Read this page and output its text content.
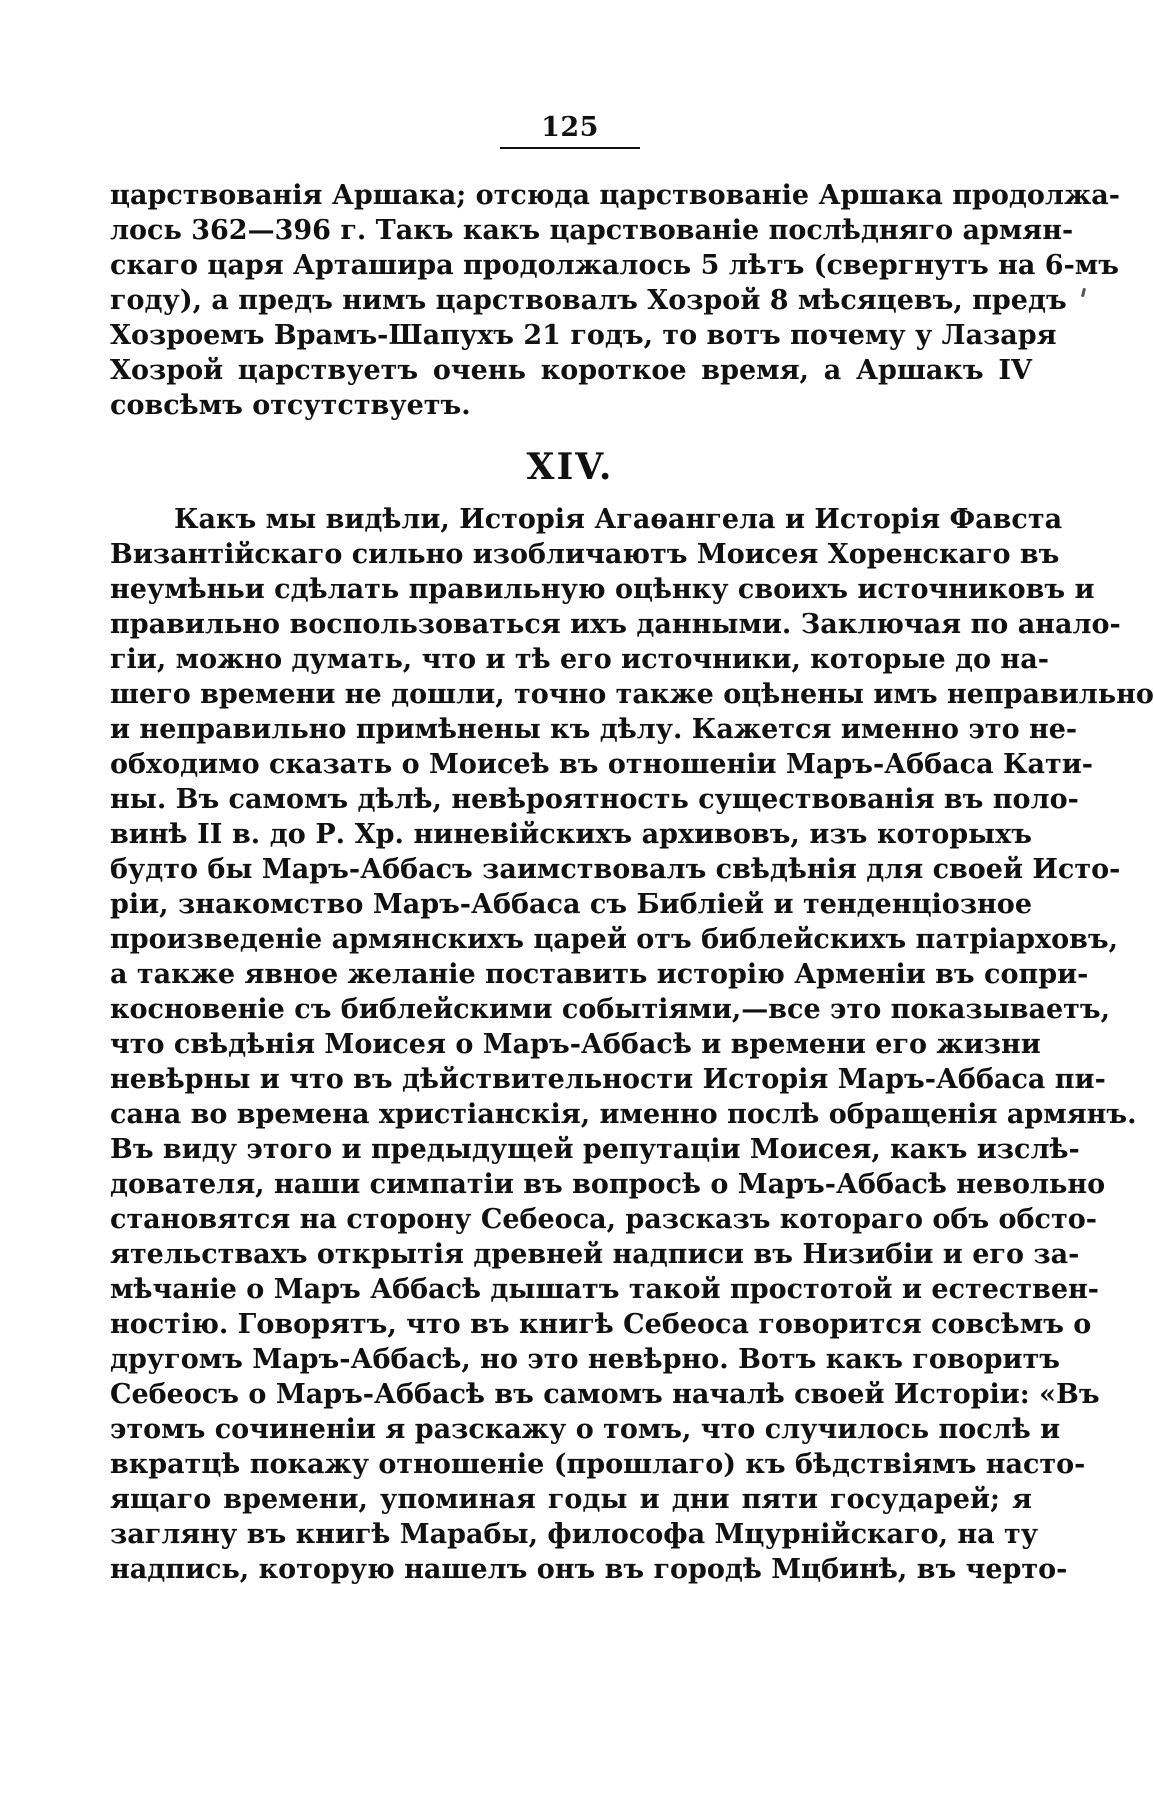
125
царствованія Аршака; отсюда царствованіе Аршака продолжа-
лось 362—396 г. Такъ какъ царствованіе послѣдняго армян-
скаго царя Арташира продолжалось 5 лѣтъ (свергнутъ на 6-мъ
году), а предъ нимъ царствовалъ Хозрой 8 мѣсяцевъ, предъ
Хозроемъ Врамъ-Шапухъ 21 годъ, то вотъ почему у Лазаря
Хозрой царствуетъ очень короткое время, а Аршакъ IV
совсѣмъ отсутствуетъ.
XIV.
Какъ мы видѣли, Исторія Агаѳангела и Исторія Фавста
Византійскаго сильно изобличаютъ Моисея Хоренскаго въ
неумѣньи сдѣлать правильную оцѣнку своихъ источниковъ и
правильно воспользоваться ихъ данными. Заключая по анало-
гіи, можно думать, что и тѣ его источники, которые до на-
шего времени не дошли, точно также оцѣнены имъ неправильно
и неправильно примѣнены къ дѣлу. Кажется именно это не-
обходимо сказать о Моисеѣ въ отношеніи Маръ-Аббаса Кати-
ны. Въ самомъ дѣлѣ, невѣроятность существованія въ поло-
винѣ II в. до Р. Хр. ниневійскихъ архивовъ, изъ которыхъ
будто бы Маръ-Аббасъ заимствовалъ свѣдѣнія для своей Исто-
ріи, знакомство Маръ-Аббаса съ Библіей и тенденціозное
произведеніе армянскихъ царей отъ библейскихъ патріарховъ,
а также явное желаніе поставить исторію Арменіи въ сопри-
косновеніе съ библейскими событіями,—все это показываетъ,
что свѣдѣнія Моисея о Маръ-Аббасѣ и времени его жизни
невѣрны и что въ дѣйствительности Исторія Маръ-Аббаса пи-
сана во времена христіанскія, именно послѣ обращенія армянъ.
Въ виду этого и предыдущей репутаціи Моисея, какъ изслѣ-
дователя, наши симпатіи въ вопросѣ о Маръ-Аббасѣ невольно
становятся на сторону Себеоса, разсказъ котораго объ обсто-
ятельствахъ открытія древней надписи въ Низибіи и его за-
мѣчаніе о Маръ Аббасѣ дышатъ такой простотой и естествен-
ностію. Говорятъ, что въ книгѣ Себеоса говорится совсѣмъ о
другомъ Маръ-Аббасѣ, но это невѣрно. Вотъ какъ говоритъ
Себеосъ о Маръ-Аббасѣ въ самомъ началѣ своей Исторіи: «Въ
этомъ сочиненіи я разскажу о томъ, что случилось послѣ и
вкратцѣ покажу отношеніе (прошлаго) къ бѣдствіямъ насто-
ящаго времени, упоминая годы и дни пяти государей; я
загляну въ книгѣ Марабы, философа Мцурнійскаго, на ту
надпись, которую нашелъ онъ въ городѣ Мцбинѣ, въ черто-
